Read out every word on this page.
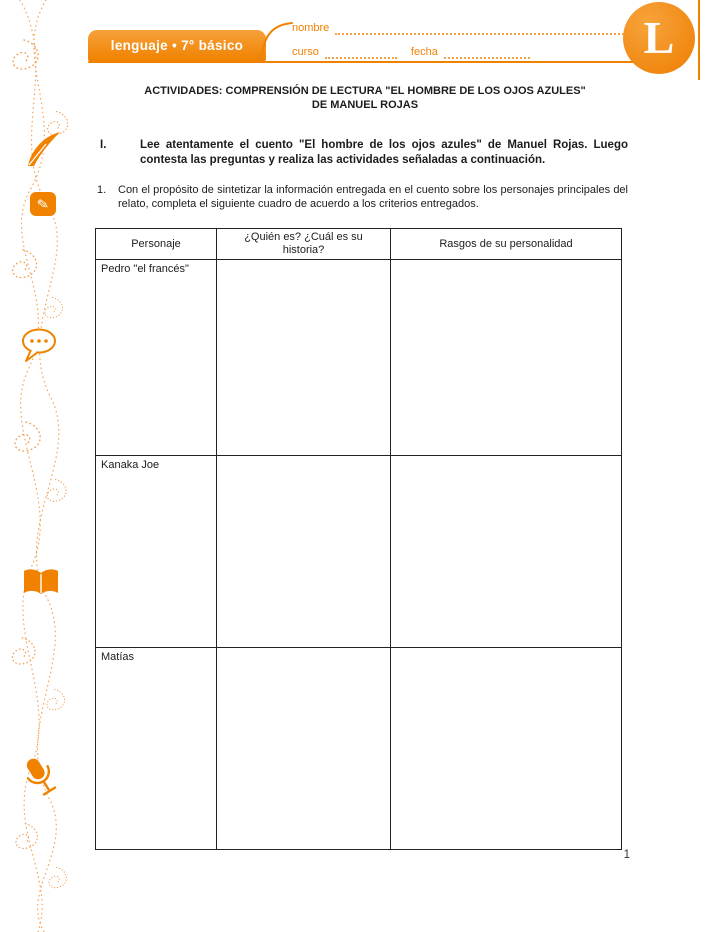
✎
lenguaje • 7° básico
nombre
curso	fecha	L
ACTIVIDADES: COMPRENSIÓN DE LECTURA "EL HOMBRE DE LOS OJOS AZULES"
DE MANUEL ROJAS
I.	Lee atentamente el cuento "El hombre de los ojos azules" de Manuel Rojas. Luego contesta las preguntas y realiza las actividades señaladas a continuación.
1. Con el propósito de sintetizar la información entregada en el cuento sobre los personajes principales del relato, completa el siguiente cuadro de acuerdo a los criterios entregados.
Personaje	¿Quién es? ¿Cuál es su historia?	Rasgos de su personalidad
Pedro "el francés"		
Kanaka Joe		
Matías		
1
